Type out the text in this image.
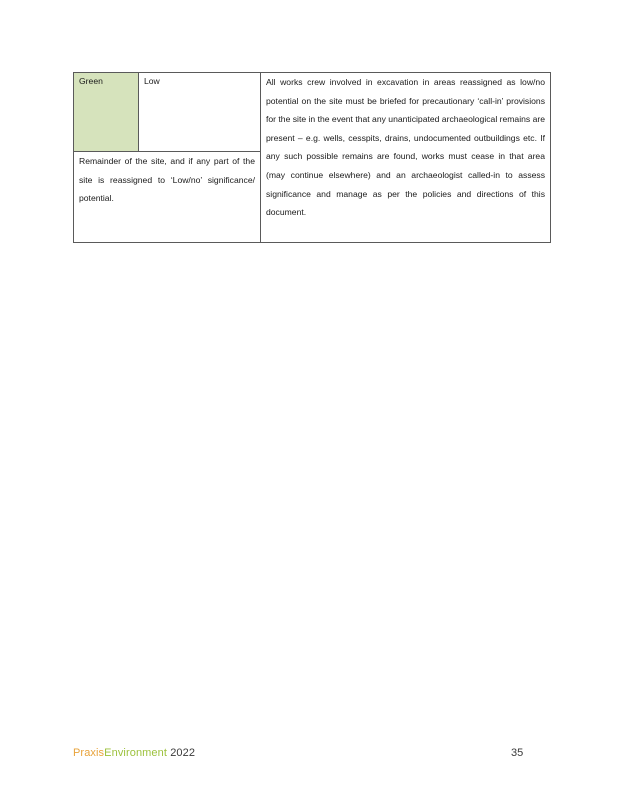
Green	Low	All works crew involved in excavation in areas reassigned as low/no potential on the site must be briefed for precautionary ‘call-in’ provisions for the site in the event that any unanticipated archaeological remains are present – e.g. wells, cesspits, drains, undocumented outbuildings etc. If any such possible remains are found, works must cease in that area (may continue elsewhere) and an archaeologist called-in to assess significance and manage as per the policies and directions of this document.
Remainder of the site, and if any part of the site is reassigned to ‘Low/no’ significance/ potential.
PraxisEnvironment 2022	35
